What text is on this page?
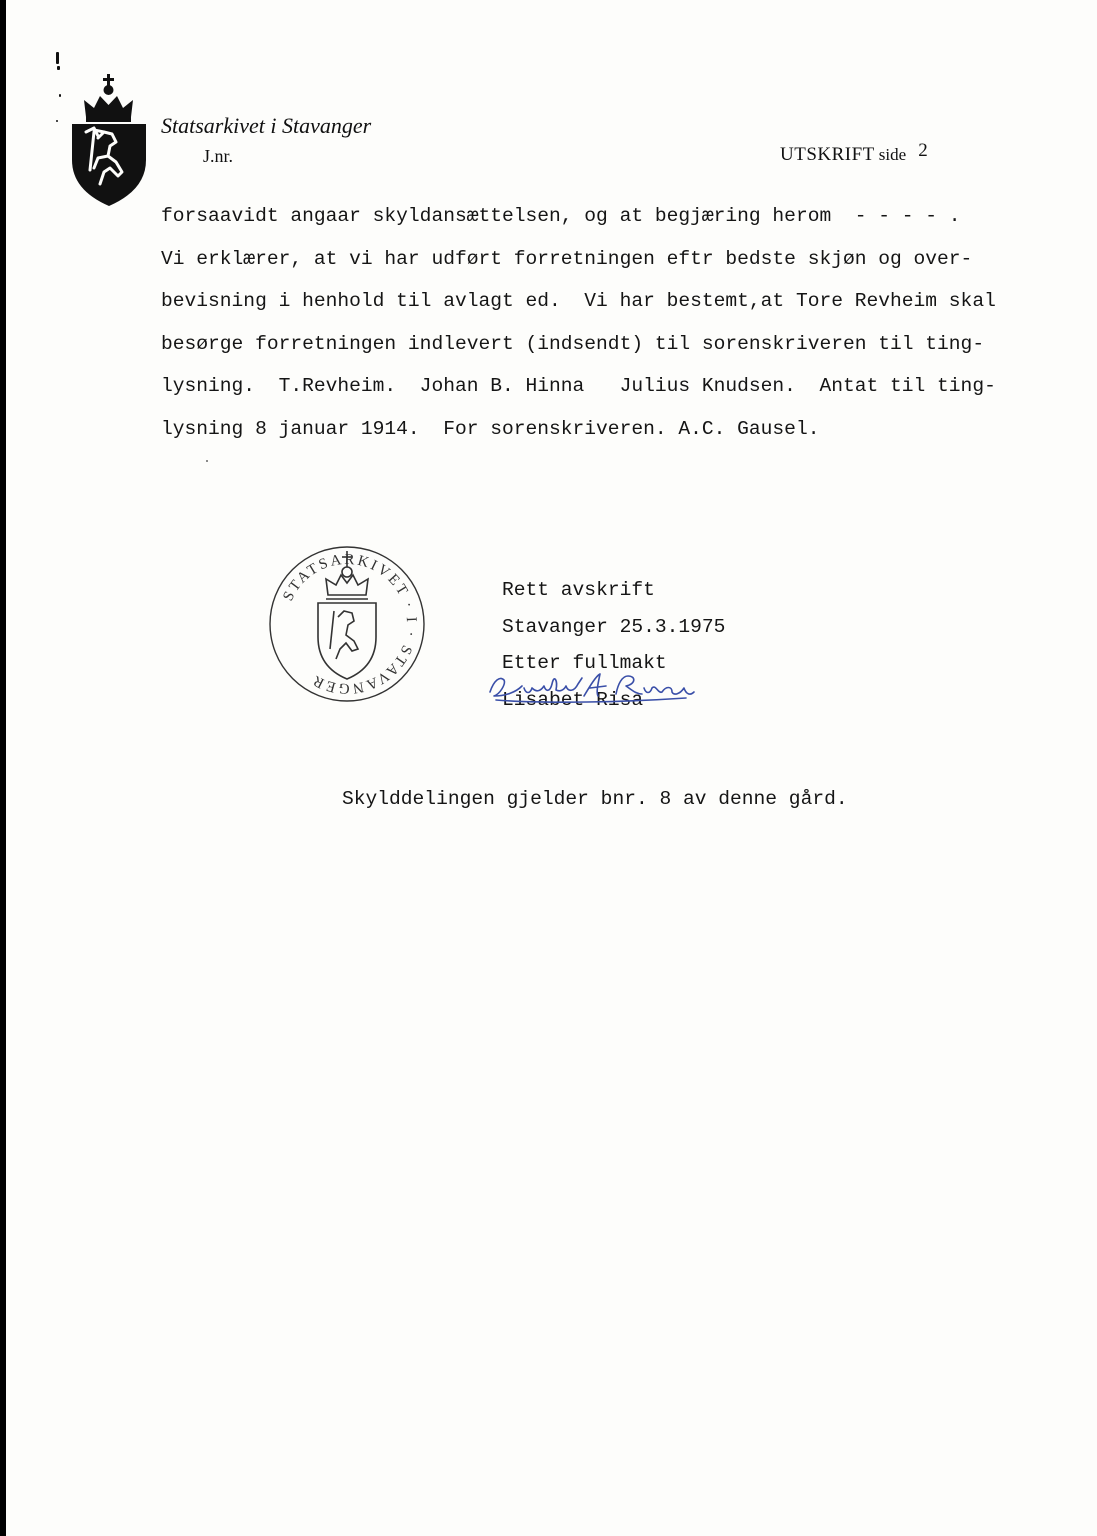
Statsarkivet i Stavanger
J.nr.	UTSKRIFT side 2
forsaavidt angaar skyldansættelsen, og at begjæring herom  - - - - .
Vi erklærer, at vi har udført forretningen eftr bedste skjøn og over-
bevisning i henhold til avlagt ed.  Vi har bestemt,at Tore Revheim skal
besørge forretningen indlevert (indsendt) til sorenskriveren til ting-
lysning.  T.Revheim.  Johan B. Hinna   Julius Knudsen.  Antat til ting-
lysning 8 januar 1914.  For sorenskriveren. A.C. Gausel.
STATSARKIVET · I · STAVANGER
Rett avskrift
Stavanger 25.3.1975
Etter fullmakt
Lisabet Risa
Skylddelingen gjelder bnr. 8 av denne gård.
